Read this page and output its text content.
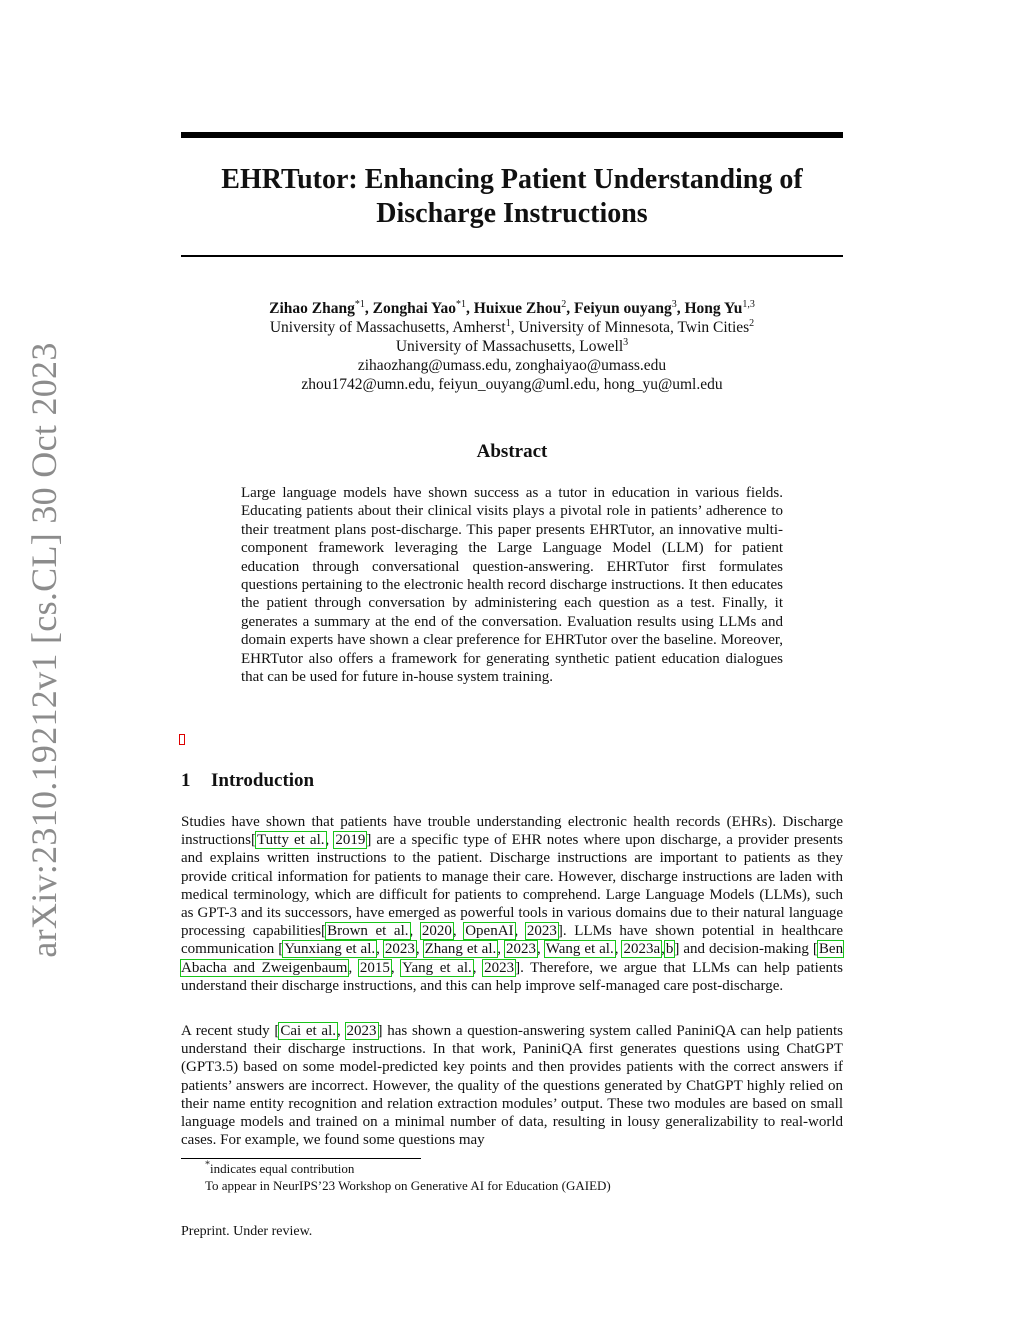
arXiv:2310.19212v1 [cs.CL] 30 Oct 2023
EHRTutor: Enhancing Patient Understanding of
Discharge Instructions
Zihao Zhang$^{*1}$, Zonghai Yao$^{*1}$, Huixue Zhou$^2$, Feiyun ouyang$^3$, Hong Yu$^{1,3}$
University of Massachusetts, Amherst$^1$, University of Minnesota, Twin Cities$^2$
University of Massachusetts, Lowell$^3$
zihaozhang@umass.edu, zonghaiyao@umass.edu
zhou1742@umn.edu, feiyun_ouyang@uml.edu, hong_yu@uml.edu
Abstract
Large language models have shown success as a tutor in education in various fields. Educating patients about their clinical visits plays a pivotal role in patients’ adherence to their treatment plans post-discharge. This paper presents EHRTutor, an innovative multi-component framework leveraging the Large Language Model (LLM) for patient education through conversational question-answering. EHRTutor first formulates questions pertaining to the electronic health record discharge instructions. It then educates the patient through conversation by administering each question as a test. Finally, it generates a summary at the end of the conversation. Evaluation results using LLMs and domain experts have shown a clear preference for EHRTutor over the baseline. Moreover, EHRTutor also offers a framework for generating synthetic patient education dialogues that can be used for future in-house system training.
1 Introduction
Studies have shown that patients have trouble understanding electronic health records (EHRs). Discharge instructions[Tutty et al., 2019] are a specific type of EHR notes where upon discharge, a provider presents and explains written instructions to the patient. Discharge instructions are important to patients as they provide critical information for patients to manage their care. However, discharge instructions are laden with medical terminology, which are difficult for patients to comprehend. Large Language Models (LLMs), such as GPT-3 and its successors, have emerged as powerful tools in various domains due to their natural language processing capabilities[Brown et al., 2020, OpenAI, 2023]. LLMs have shown potential in healthcare communication [Yunxiang et al., 2023, Zhang et al., 2023, Wang et al., 2023a,b] and decision-making [Ben Abacha and Zweigenbaum, 2015, Yang et al., 2023]. Therefore, we argue that LLMs can help patients understand their discharge instructions, and this can help improve self-managed care post-discharge.
A recent study [Cai et al., 2023] has shown a question-answering system called PaniniQA can help patients understand their discharge instructions. In that work, PaniniQA first generates questions using ChatGPT (GPT3.5) based on some model-predicted key points and then provides patients with the correct answers if patients’ answers are incorrect. However, the quality of the questions generated by ChatGPT highly relied on their name entity recognition and relation extraction modules’ output. These two modules are based on small language models and trained on a minimal number of data, resulting in lousy generalizability to real-world cases. For example, we found some questions may
*indicates equal contribution
To appear in NeurIPS’23 Workshop on Generative AI for Education (GAIED)
Preprint. Under review.
